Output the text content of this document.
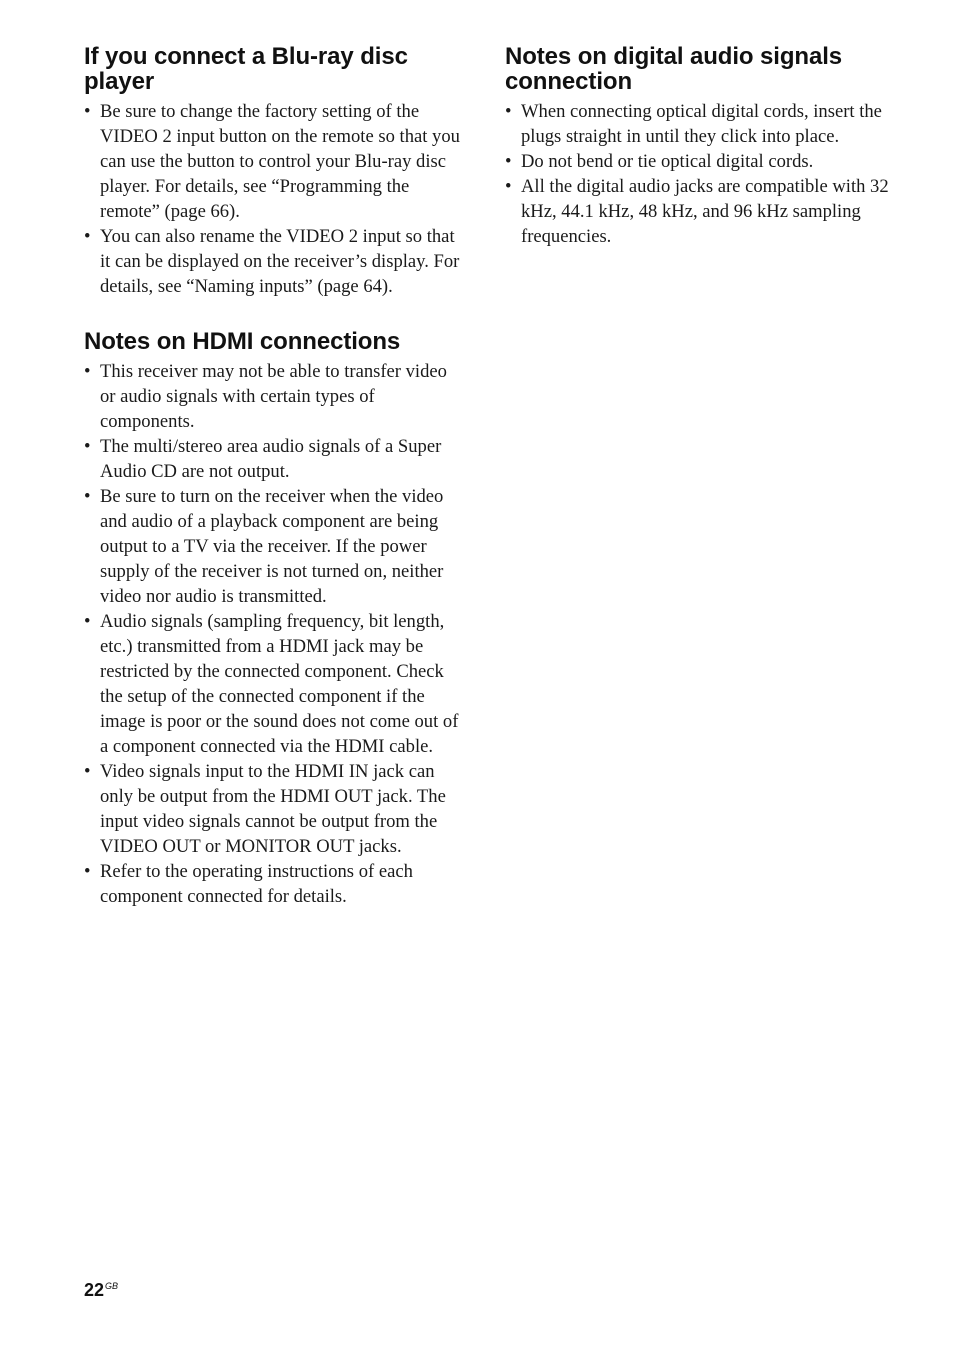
If you connect a Blu-ray disc player
• Be sure to change the factory setting of the VIDEO 2 input button on the remote so that you can use the button to control your Blu-ray disc player. For details, see “Programming the remote” (page 66).
• You can also rename the VIDEO 2 input so that it can be displayed on the receiver’s display. For details, see “Naming inputs” (page 64).
Notes on HDMI connections
• This receiver may not be able to transfer video or audio signals with certain types of components.
• The multi/stereo area audio signals of a Super Audio CD are not output.
• Be sure to turn on the receiver when the video and audio of a playback component are being output to a TV via the receiver. If the power supply of the receiver is not turned on, neither video nor audio is transmitted.
• Audio signals (sampling frequency, bit length, etc.) transmitted from a HDMI jack may be restricted by the connected component. Check the setup of the connected component if the image is poor or the sound does not come out of a component connected via the HDMI cable.
• Video signals input to the HDMI IN jack can only be output from the HDMI OUT jack. The input video signals cannot be output from the VIDEO OUT or MONITOR OUT jacks.
• Refer to the operating instructions of each component connected for details.
Notes on digital audio signals connection
• When connecting optical digital cords, insert the plugs straight in until they click into place.
• Do not bend or tie optical digital cords.
• All the digital audio jacks are compatible with 32 kHz, 44.1 kHz, 48 kHz, and 96 kHz sampling frequencies.
$22^{GB}$
